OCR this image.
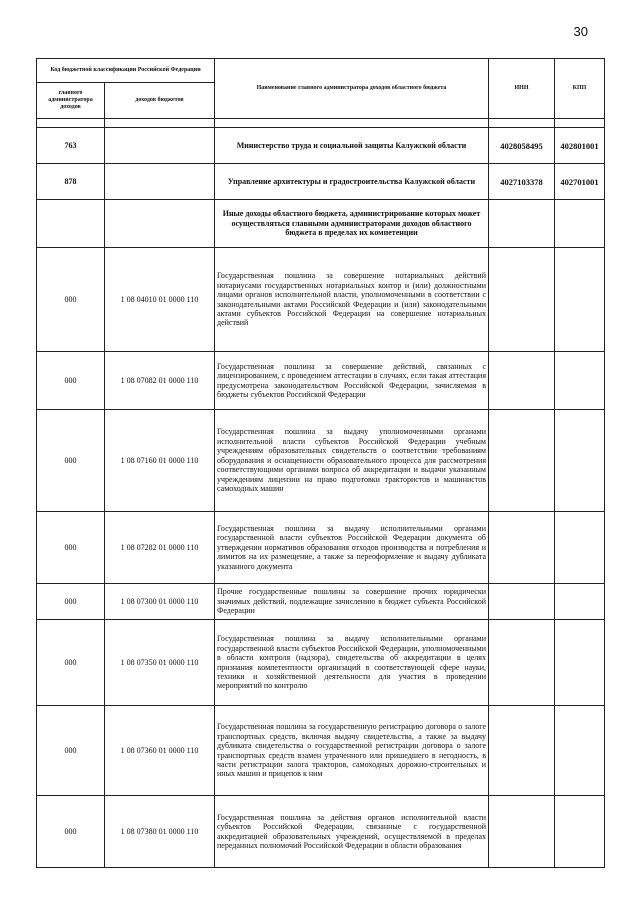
30
Код бюджетной классификации Российской Федерации		Наименование главного администратора доходов областного бюджета	ИНН	КПП
главного администратора доходов	доходов бюджетов			

763		Министерство труда и социальной защиты Калужской области	4028058495	402801001
878		Управление архитектуры и градостроительства Калужской области	4027103378	402701001
		Иные доходы областного бюджета, администрирование которых может осуществляться главными администраторами доходов областного бюджета в пределах их компетенции		
000	1 08 04010 01 0000 110	Государственная пошлина за совершение нотариальных действий нотариусами государственных нотариальных контор и (или) должностными лицами органов исполнительной власти, уполномоченными в соответствии с законодательными актами Российской Федерации и (или) законодательными актами субъектов Российской Федерации на совершение нотариальных действий		
000	1 08 07082 01 0000 110	Государственная пошлина за совершение действий, связанных с лицензированием, с проведением аттестации в случаях, если такая аттестация предусмотрена законодательством Российской Федерации, зачисляемая в бюджеты субъектов Российской Федерации		
000	1 08 07160 01 0000 110	Государственная пошлина за выдачу уполномоченными органами исполнительной власти субъектов Российской Федерации учебным учреждениям образовательных свидетельств о соответствии требованиям оборудования и оснащенности образовательного процесса для рассмотрения соответствующими органами вопроса об аккредитации и выдачи указанным учреждениям лицензии на право подготовки трактористов и машинистов самоходных машин		
000	1 08 07282 01 0000 110	Государственная пошлина за выдачу исполнительными органами государственной власти субъектов Российской Федерации документа об утверждении нормативов образования отходов производства и потребления и лимитов на их размещение, а также за переоформление и выдачу дубликата указанного документа		
000	1 08 07300 01 0000 110	Прочие государственные пошлины за совершение прочих юридически значимых действий, подлежащие зачислению в бюджет субъекта Российской Федерации		
000	1 08 07350 01 0000 110	Государственная пошлина за выдачу исполнительными органами государственной власти субъектов Российской Федерации, уполномоченными в области контроля (надзора), свидетельства об аккредитации в целях признания компетентности организаций в соответствующей сфере науки, техники и хозяйственной деятельности для участия в проведении мероприятий по контролю		
000	1 08 07360 01 0000 110	Государственная пошлина за государственную регистрацию договора о залоге транспортных средств, включая выдачу свидетельства, а также за выдачу дубликата свидетельства о государственной регистрации договора о залоге транспортных средств взамен утраченного или пришедшего в негодность, в части регистрации залога тракторов, самоходных дорожно-строительных и иных машин и прицепов к ним		
000	1 08 07380 01 0000 110	Государственная пошлина за действия органов исполнительной власти субъектов Российской Федерации, связанные с государственной аккредитацией образовательных учреждений, осуществляемой в пределах переданных полномочий Российской Федерации в области образования		
